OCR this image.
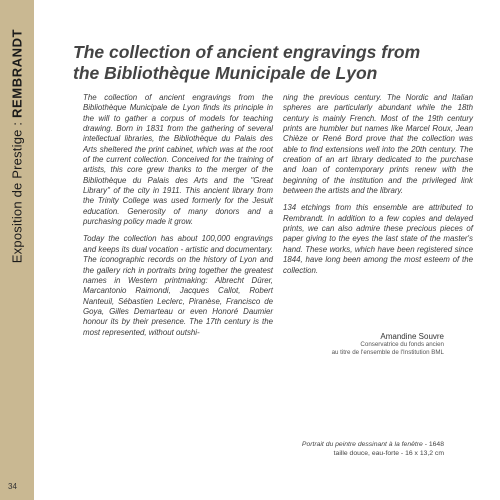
Exposition de Prestige : REMBRANDT
34
The collection of ancient engravings from
the Bibliothèque Municipale de Lyon

The collection of ancient engravings from the Bibliothèque Municipale de Lyon finds its principle in the will to gather a corpus of models for teaching drawing. Born in 1831 from the gathering of several intellectual libraries, the Bibliothèque du Palais des Arts sheltered the print cabinet, which was at the root of the current collection. Conceived for the training of artists, this core grew thanks to the merger of the Bibliothèque du Palais des Arts and the "Great Library" of the city in 1911. This ancient library from the Trinity College was used formerly for the Jesuit education. Generosity of many donors and a purchasing policy made it grow.

Today the collection has about 100,000 engravings and keeps its dual vocation - artistic and documentary. The iconographic records on the history of Lyon and the gallery rich in portraits bring together the greatest names in Western printmaking: Albrecht Dürer, Marcantonio Raimondi, Jacques Callot, Robert Nanteuil, Sébastien Leclerc, Piranèse, Francisco de Goya, Gilles Demarteau or even Honoré Daumier honour its by their presence. The 17th century is the most represented, without outshi-

ning the previous century. The Nordic and Italian spheres are particularly abundant while the 18th century is mainly French. Most of the 19th century prints are humbler but names like Marcel Roux, Jean Chièze or René Bord prove that the collection was able to find extensions well into the 20th century. The creation of an art library dedicated to the purchase and loan of contemporary prints renew with the beginning of the institution and the privileged link between the artists and the library.

134 etchings from this ensemble are attributed to Rembrandt. In addition to a few copies and delayed prints, we can also admire these precious pieces of paper giving to the eyes the last state of the master's hand. These works, which have been registered since 1844, have long been among the most esteem of the collection.

Amandine Souvre
Conservatrice du fonds ancien
au titre de l'ensemble de l'Institution BML
Portrait du peintre dessinant à la fenêtre - 1648
taille douce, eau-forte - 16 x 13,2 cm
